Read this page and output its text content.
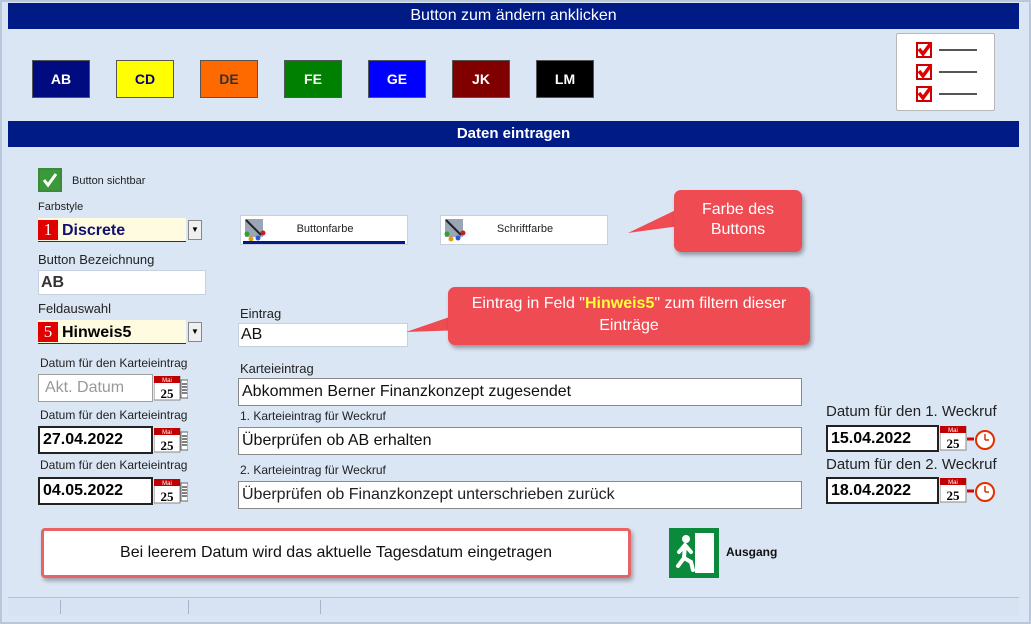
Button zum ändern anklicken
AB	CD	DE	FE	GE	JK	LM
Daten eintragen
Button sichtbar
Farbstyle
1 Discrete	▼	Buttonfarbe	Schriftfarbe
Farbe des Buttons
Button Bezeichnung
AB
Feldauswahl
5 Hinweis5	▼
Eintrag
AB
Eintrag in Feld "Hinweis5" zum filtern dieser Einträge
Datum für den Karteieintrag
Akt. Datum	Mai
25
Datum für den Karteieintrag
27.04.2022	Mai
25
Datum für den Karteieintrag
04.05.2022	Mai
25
Karteieintrag
Abkommen Berner Finanzkonzept zugesendet
1. Karteieintrag für Weckruf
Überprüfen ob AB erhalten
2. Karteieintrag für Weckruf
Überprüfen ob Finanzkonzept unterschrieben zurück
Datum für den 1. Weckruf
15.04.2022	Mai
25
Datum für den 2. Weckruf
18.04.2022	Mai
25
Bei leerem Datum wird das aktuelle Tagesdatum eingetragen	Ausgang
